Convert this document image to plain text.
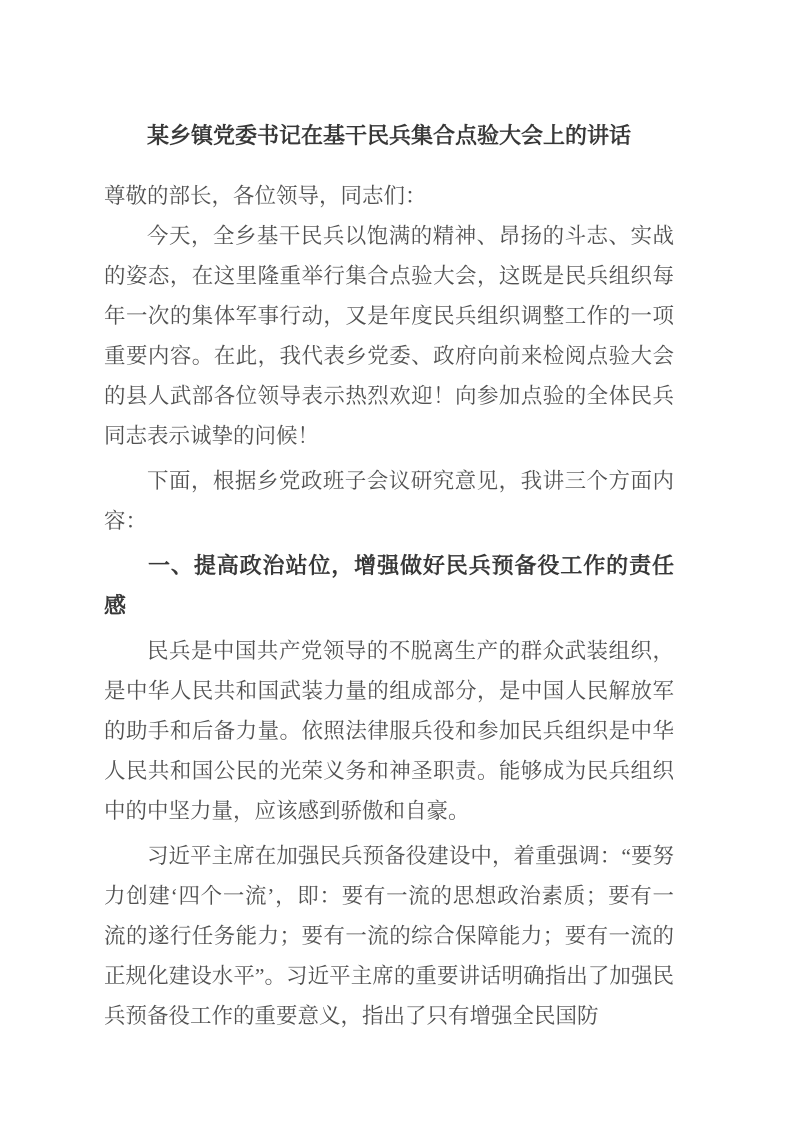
某乡镇党委书记在基干民兵集合点验大会上的讲话

尊敬的部长，各位领导，同志们：

今天，全乡基干民兵以饱满的精神、昂扬的斗志、实战的姿态，在这里隆重举行集合点验大会，这既是民兵组织每年一次的集体军事行动，又是年度民兵组织调整工作的一项重要内容。在此，我代表乡党委、政府向前来检阅点验大会的县人武部各位领导表示热烈欢迎！向参加点验的全体民兵同志表示诚挚的问候！

下面，根据乡党政班子会议研究意见，我讲三个方面内容：

一、提高政治站位，增强做好民兵预备役工作的责任感

民兵是中国共产党领导的不脱离生产的群众武装组织，是中华人民共和国武装力量的组成部分，是中国人民解放军的助手和后备力量。依照法律服兵役和参加民兵组织是中华人民共和国公民的光荣义务和神圣职责。能够成为民兵组织中的中坚力量，应该感到骄傲和自豪。

习近平主席在加强民兵预备役建设中，着重强调：“要努力创建‘四个一流’，即：要有一流的思想政治素质；要有一流的遂行任务能力；要有一流的综合保障能力；要有一流的正规化建设水平”。习近平主席的重要讲话明确指出了加强民兵预备役工作的重要意义，指出了只有增强全民国防
